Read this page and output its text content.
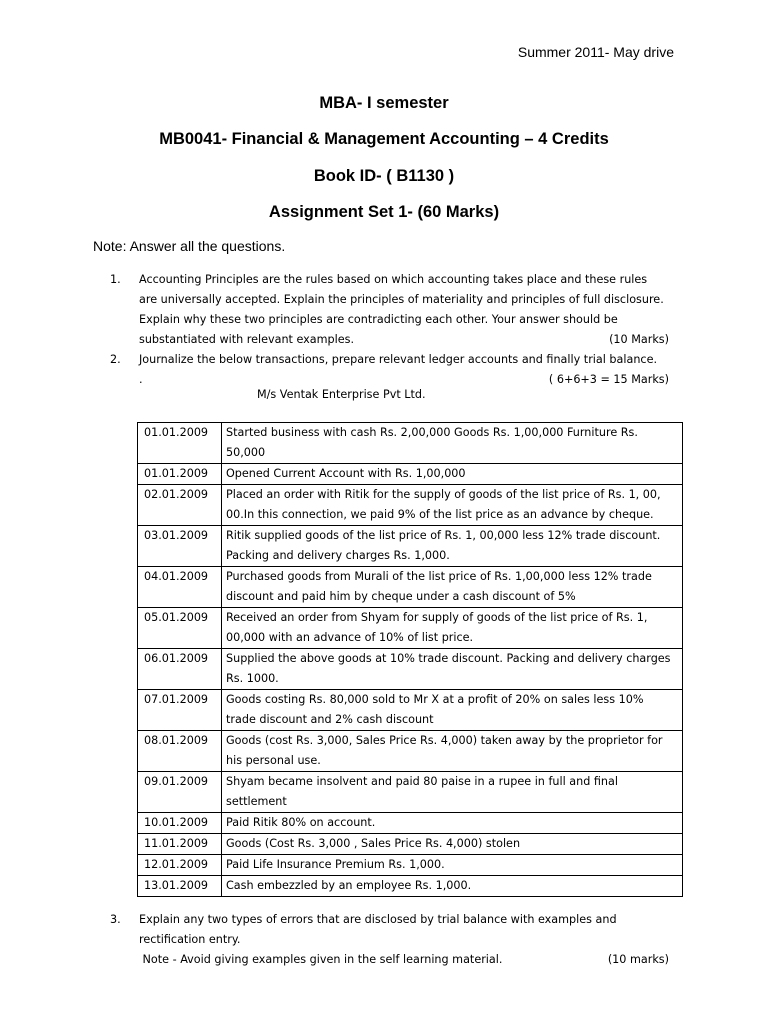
Summer 2011- May drive
MBA- I semester
MB0041- Financial & Management Accounting – 4 Credits
Book ID- ( B1130 )
Assignment Set 1- (60 Marks)
Note: Answer all the questions.
1. Accounting Principles are the rules based on which accounting takes place and these rules
are universally accepted. Explain the principles of materiality and principles of full disclosure.
Explain why these two principles are contradicting each other. Your answer should be
substantiated with relevant examples.	(10 Marks)
2. Journalize the below transactions, prepare relevant ledger accounts and finally trial balance.
.	( 6+6+3 = 15 Marks)
M/s Ventak Enterprise Pvt Ltd.
01.01.2009	Started business with cash Rs. 2,00,000 Goods Rs. 1,00,000 Furniture Rs.
50,000

01.01.2009	Opened Current Account with Rs. 1,00,000

02.01.2009	Placed an order with Ritik for the supply of goods of the list price of Rs. 1, 00,
00.In this connection, we paid 9% of the list price as an advance by cheque.

03.01.2009	Ritik supplied goods of the list price of Rs. 1, 00,000 less 12% trade discount.
Packing and delivery charges Rs. 1,000.

04.01.2009	Purchased goods from Murali of the list price of Rs. 1,00,000 less 12% trade
discount and paid him by cheque under a cash discount of 5%

05.01.2009	Received an order from Shyam for supply of goods of the list price of Rs. 1,
00,000 with an advance of 10% of list price.

06.01.2009	Supplied the above goods at 10% trade discount. Packing and delivery charges
Rs. 1000.

07.01.2009	Goods costing Rs. 80,000 sold to Mr X at a profit of 20% on sales less 10%
trade discount and 2% cash discount

08.01.2009	Goods (cost Rs. 3,000, Sales Price Rs. 4,000) taken away by the proprietor for
his personal use.

09.01.2009	Shyam became insolvent and paid 80 paise in a rupee in full and final
settlement

10.01.2009	Paid Ritik 80% on account.

11.01.2009	Goods (Cost Rs. 3,000 , Sales Price Rs. 4,000) stolen

12.01.2009	Paid Life Insurance Premium Rs. 1,000.

13.01.2009	Cash embezzled by an employee Rs. 1,000.
3. Explain any two types of errors that are disclosed by trial balance with examples and
rectification entry.
Note - Avoid giving examples given in the self learning material.	(10 marks)
